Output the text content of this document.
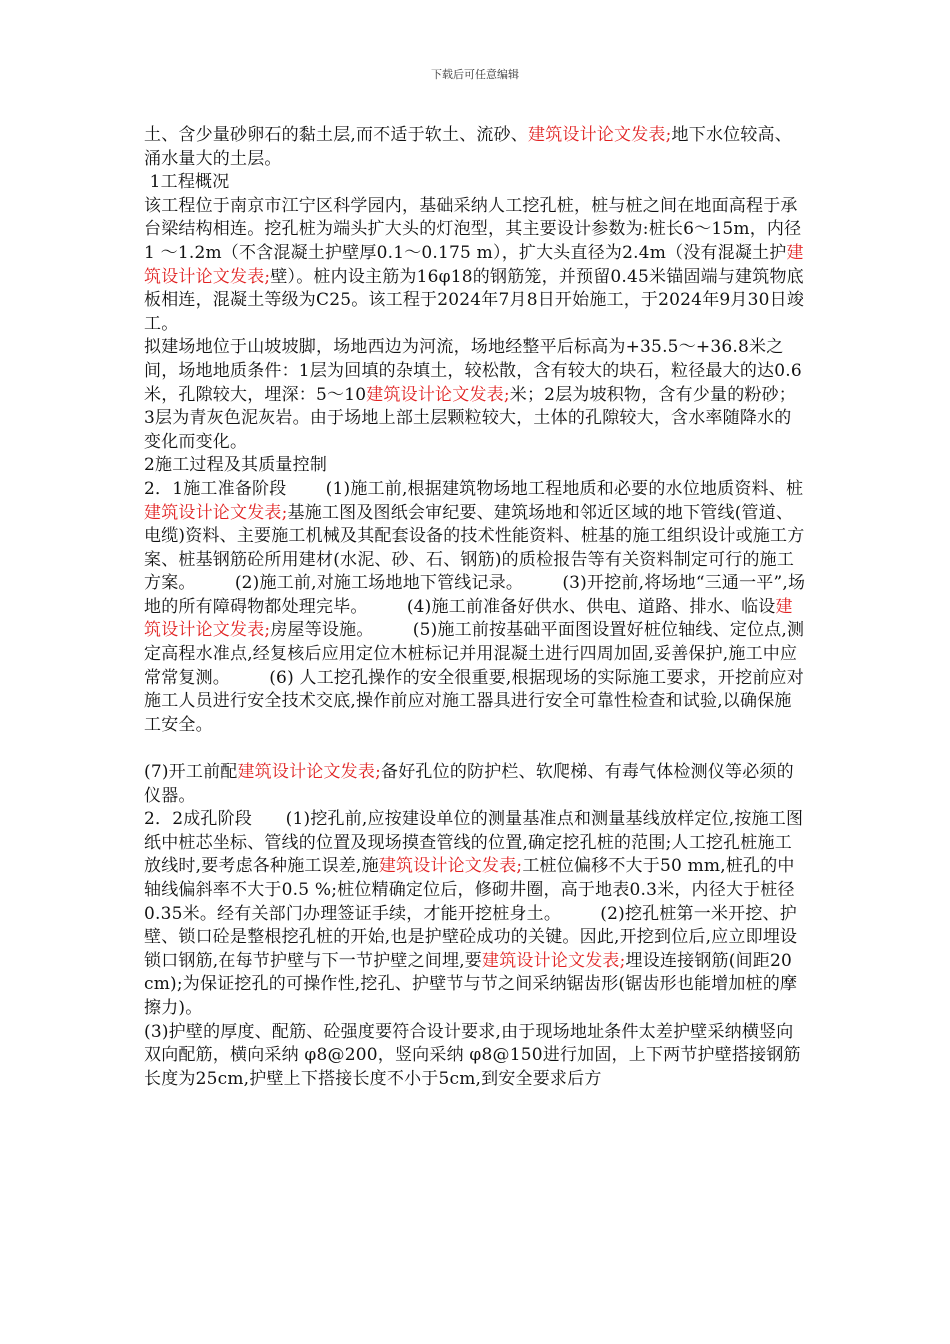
下载后可任意编辑

土、含少量砂卵石的黏土层,而不适于软土、流砂、建筑设计论文发表;地下水位较高、涌水量大的土层。

1工程概况

该工程位于南京市江宁区科学园内，基础采纳人工挖孔桩，桩与桩之间在地面高程于承台梁结构相连。挖孔桩为端头扩大头的灯泡型，其主要设计参数为:桩长6～15m，内径1 ～1.2m（不含混凝土护壁厚0.1～0.175 m），扩大头直径为2.4m（没有混凝土护建筑设计论文发表;壁）。桩内设主筋为16φ18的钢筋笼，并预留0.45米锚固端与建筑物底板相连，混凝土等级为C25。该工程于2024年7月8日开始施工，于2024年9月30日竣工。

拟建场地位于山坡坡脚，场地西边为河流，场地经整平后标高为+35.5～+36.8米之间，场地地质条件：1层为回填的杂填土，较松散，含有较大的块石，粒径最大的达0.6米，孔隙较大，埋深：5～10建筑设计论文发表;米；2层为坡积物，含有少量的粉砂；3层为青灰色泥灰岩。由于场地上部土层颗粒较大，土体的孔隙较大，含水率随降水的变化而变化。

2施工过程及其质量控制

2．1施工准备阶段       (1)施工前,根据建筑物场地工程地质和必要的水位地质资料、桩建筑设计论文发表;基施工图及图纸会审纪要、建筑场地和邻近区域的地下管线(管道、电缆)资料、主要施工机械及其配套设备的技术性能资料、桩基的施工组织设计或施工方案、桩基钢筋砼所用建材(水泥、砂、石、钢筋)的质检报告等有关资料制定可行的施工方案。       (2)施工前,对施工场地地下管线记录。       (3)开挖前,将场地“三通一平”,场地的所有障碍物都处理完毕。       (4)施工前准备好供水、供电、道路、排水、临设建筑设计论文发表;房屋等设施。       (5)施工前按基础平面图设置好桩位轴线、定位点,测定高程水准点,经复核后应用定位木桩标记并用混凝土进行四周加固,妥善保护,施工中应常常复测。       (6) 人工挖孔操作的安全很重要,根据现场的实际施工要求，开挖前应对施工人员进行安全技术交底,操作前应对施工器具进行安全可靠性检查和试验,以确保施工安全。

(7)开工前配建筑设计论文发表;备好孔位的防护栏、软爬梯、有毒气体检测仪等必须的仪器。

2．2成孔阶段      (1)挖孔前,应按建设单位的测量基准点和测量基线放样定位,按施工图纸中桩芯坐标、管线的位置及现场摸查管线的位置,确定挖孔桩的范围;人工挖孔桩施工放线时,要考虑各种施工误差,施建筑设计论文发表;工桩位偏移不大于50 mm,桩孔的中轴线偏斜率不大于0.5 %;桩位精确定位后，修砌井圈，高于地表0.3米，内径大于桩径0.35米。经有关部门办理签证手续，才能开挖桩身土。       (2)挖孔桩第一米开挖、护壁、锁口砼是整根挖孔桩的开始,也是护壁砼成功的关键。因此,开挖到位后,应立即埋设锁口钢筋,在每节护壁与下一节护壁之间埋,要建筑设计论文发表;埋设连接钢筋(间距20 cm);为保证挖孔的可操作性,挖孔、护壁节与节之间采纳锯齿形(锯齿形也能增加桩的摩擦力)。

(3)护壁的厚度、配筋、砼强度要符合设计要求,由于现场地址条件太差护壁采纳横竖向双向配筋，横向采纳 φ8@200，竖向采纳 φ8@150进行加固，上下两节护壁搭接钢筋长度为25cm,护壁上下搭接长度不小于5cm,到安全要求后方
